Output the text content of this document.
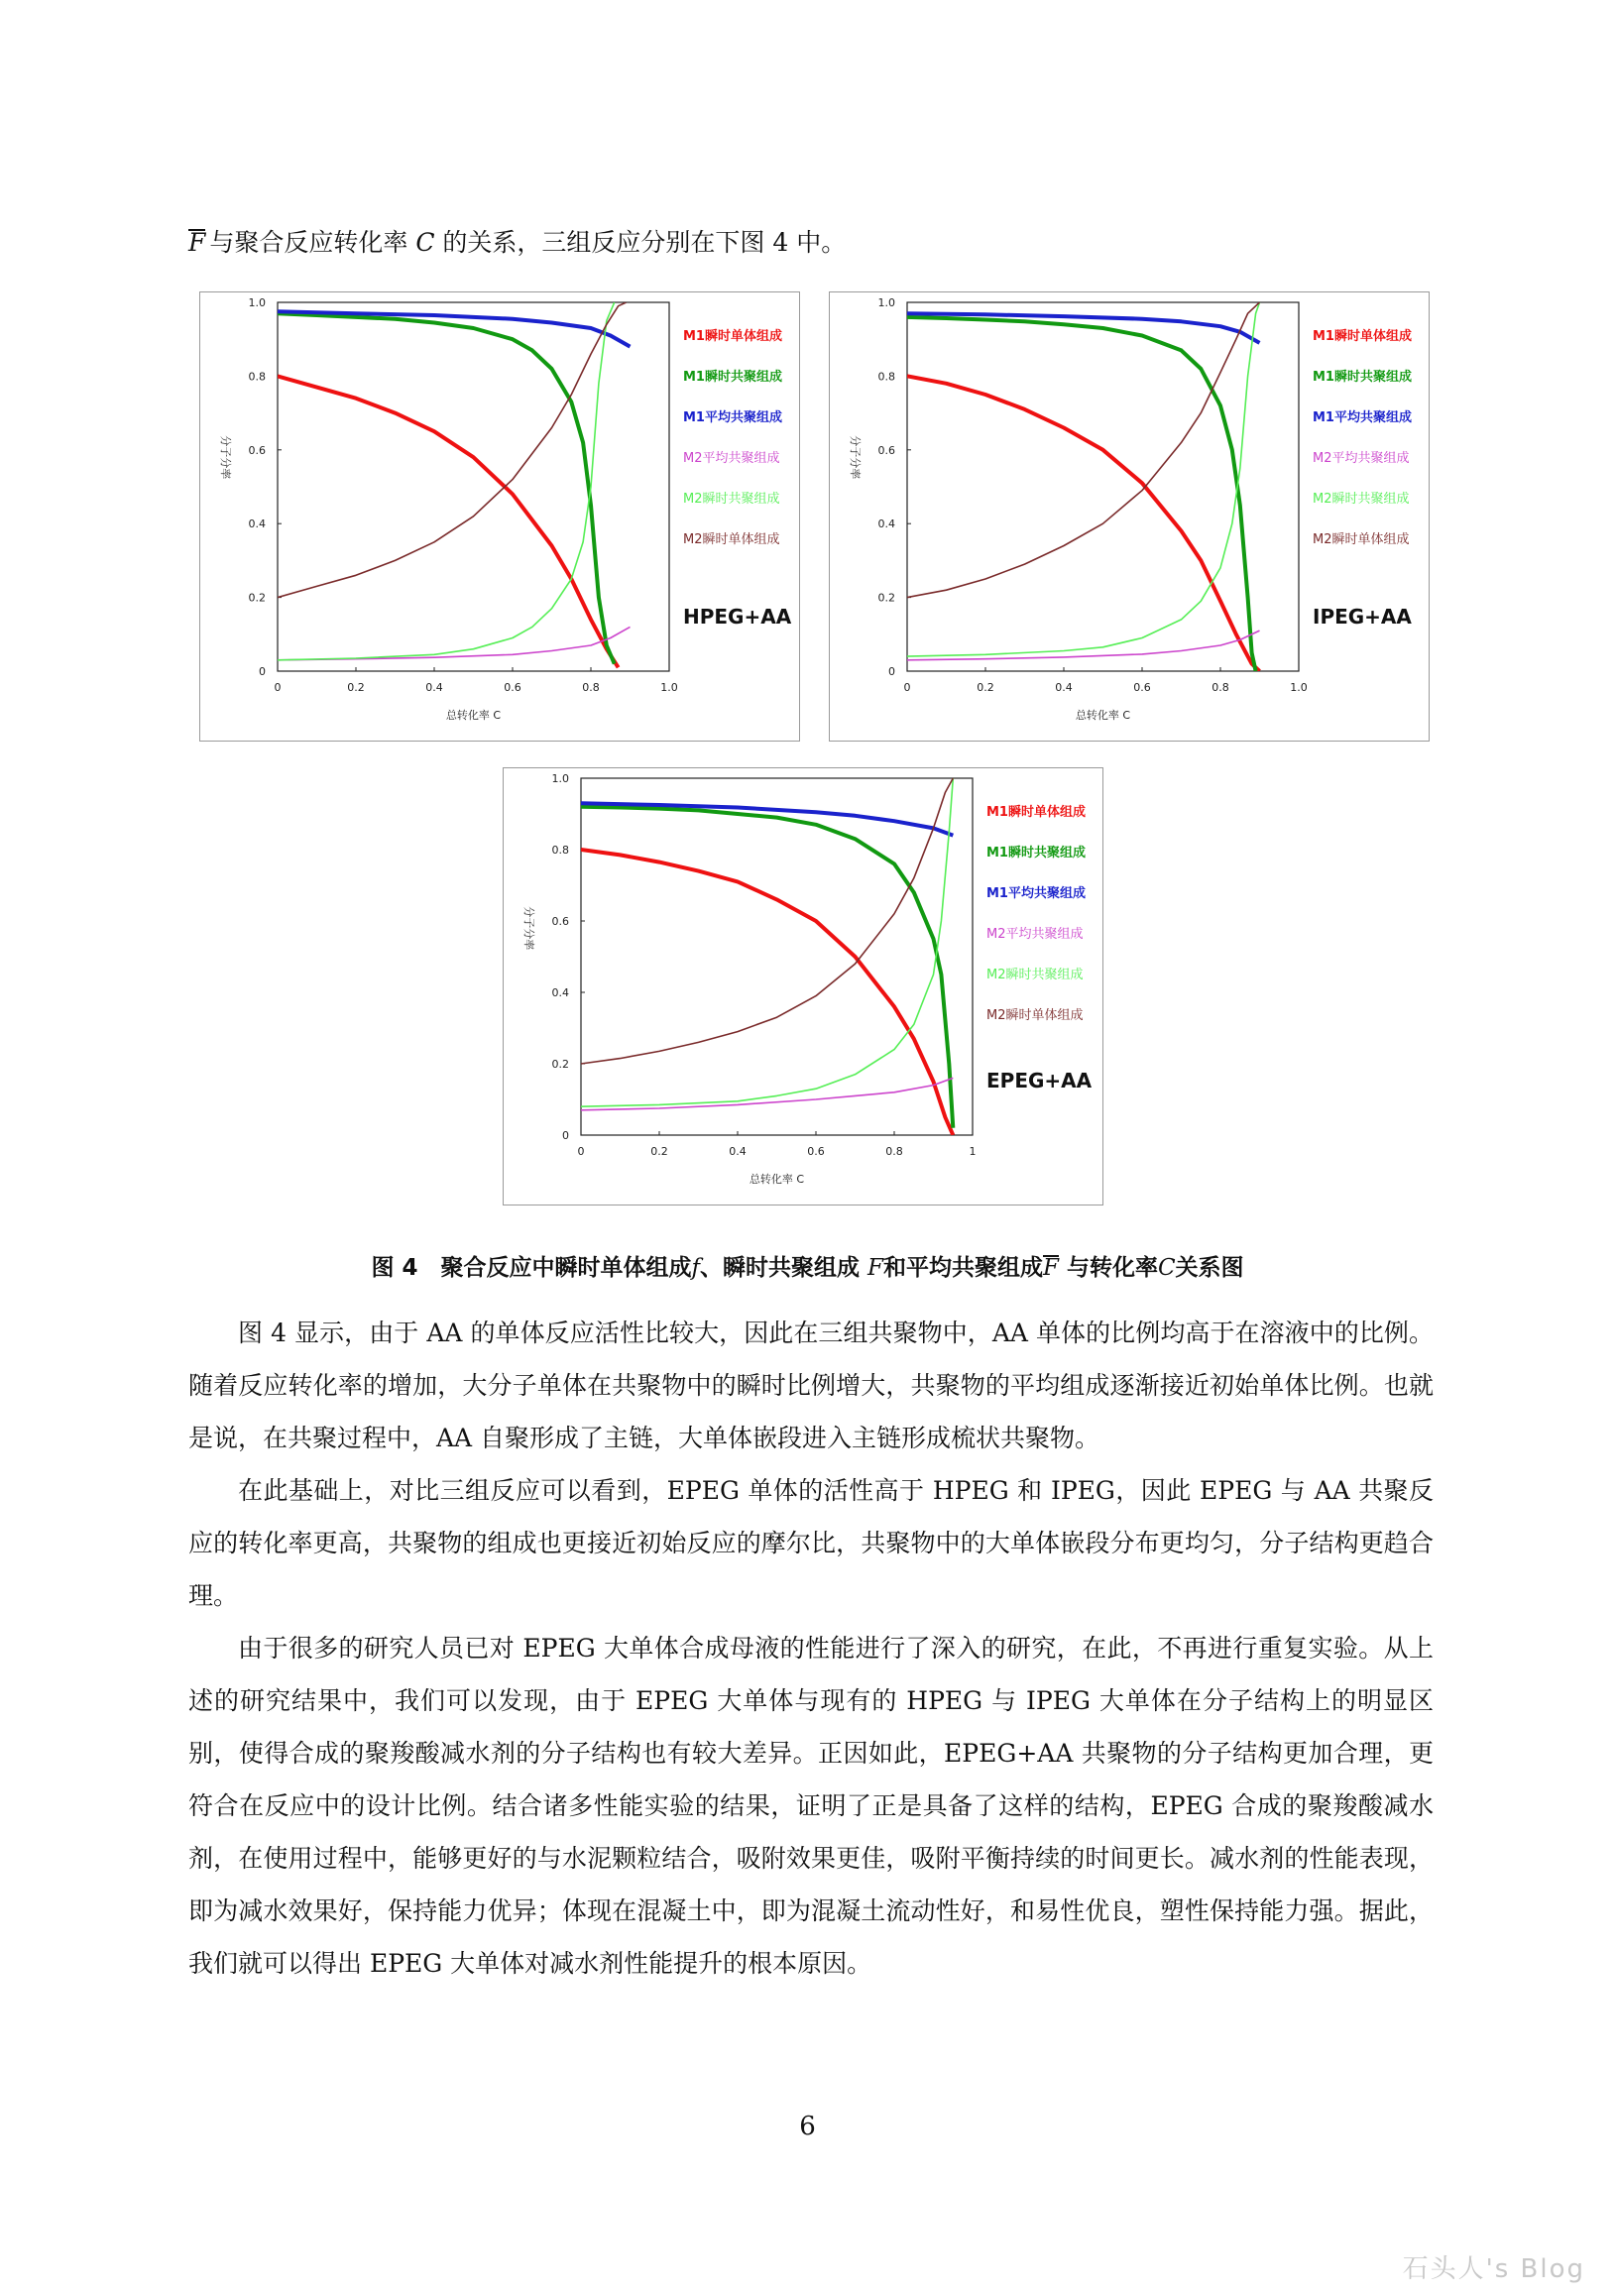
F 与聚合反应转化率 C 的关系，三组反应分别在下图 4 中。
0	0.2	0.4	0.6	0.8	1.0
0
0.2
0.4
0.6
0.8
1.0
总转化率 C
分子分率
M1瞬时单体组成
M1瞬时共聚组成
M1平均共聚组成
M2平均共聚组成
M2瞬时共聚组成
M2瞬时单体组成
HPEG+AA
0	0.2	0.4	0.6	0.8	1.0
0
0.2
0.4
0.6
0.8
1.0
总转化率 C
分子分率
M1瞬时单体组成
M1瞬时共聚组成
M1平均共聚组成
M2平均共聚组成
M2瞬时共聚组成
M2瞬时单体组成
IPEG+AA
0	0.2	0.4	0.6	0.8	1
0
0.2
0.4
0.6
0.8
1.0
总转化率 C
分子分率
M1瞬时单体组成
M1瞬时共聚组成
M1平均共聚组成
M2平均共聚组成
M2瞬时共聚组成
M2瞬时单体组成
EPEG+AA
图 4　聚合反应中瞬时单体组成f、瞬时共聚组成 F和平均共聚组成F 与转化率C关系图

图 4 显示，由于 AA 的单体反应活性比较大，因此在三组共聚物中，AA 单体的比例均高于在溶液中的比例。随着反应转化率的增加，大分子单体在共聚物中的瞬时比例增大，共聚物的平均组成逐渐接近初始单体比例。也就是说，在共聚过程中，AA 自聚形成了主链，大单体嵌段进入主链形成梳状共聚物。

在此基础上，对比三组反应可以看到，EPEG 单体的活性高于 HPEG 和 IPEG，因此 EPEG 与 AA 共聚反应的转化率更高，共聚物的组成也更接近初始反应的摩尔比，共聚物中的大单体嵌段分布更均匀，分子结构更趋合理。

由于很多的研究人员已对 EPEG 大单体合成母液的性能进行了深入的研究，在此，不再进行重复实验。从上述的研究结果中，我们可以发现，由于 EPEG 大单体与现有的 HPEG 与 IPEG 大单体在分子结构上的明显区别，使得合成的聚羧酸减水剂的分子结构也有较大差异。正因如此，EPEG+AA 共聚物的分子结构更加合理，更符合在反应中的设计比例。结合诸多性能实验的结果，证明了正是具备了这样的结构，EPEG 合成的聚羧酸减水剂，在使用过程中，能够更好的与水泥颗粒结合，吸附效果更佳，吸附平衡持续的时间更长。减水剂的性能表现，即为减水效果好，保持能力优异；体现在混凝土中，即为混凝土流动性好，和易性优良，塑性保持能力强。据此，我们就可以得出 EPEG 大单体对减水剂性能提升的根本原因。

6
石头人's Blog
